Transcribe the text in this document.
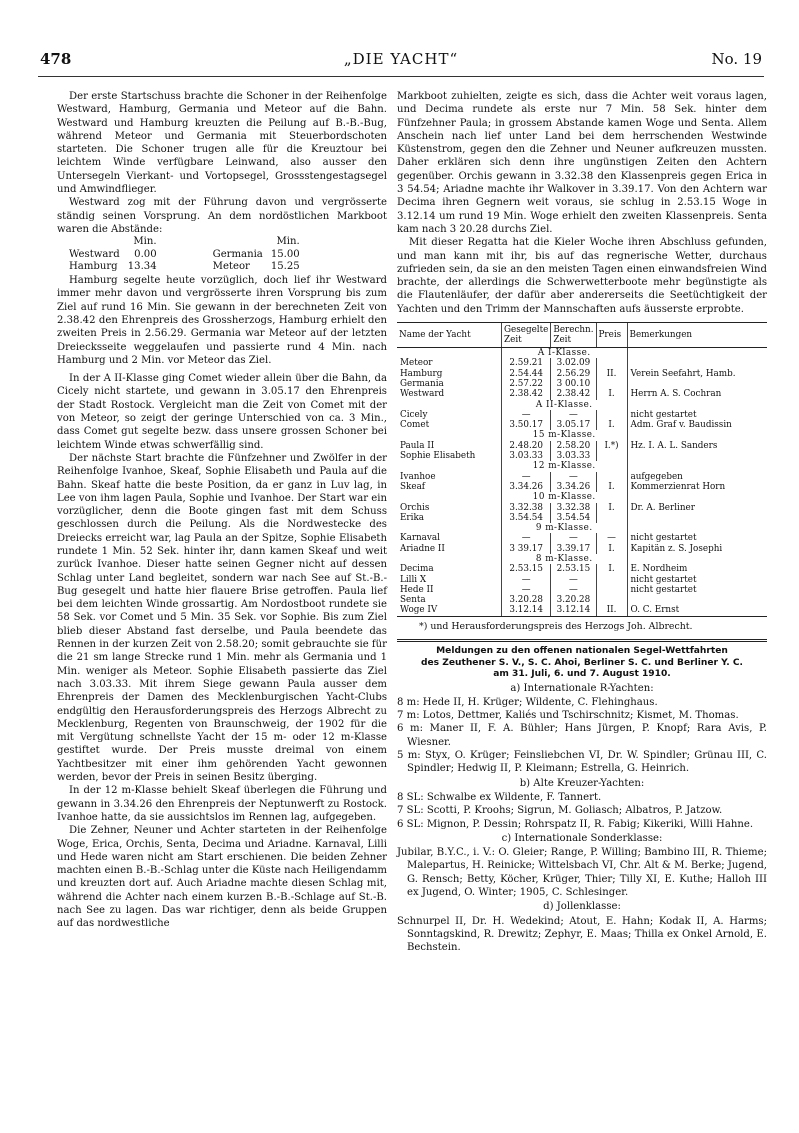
478	„DIE YACHT“	No. 19

Der erste Startschuss brachte die Schoner in der Reihenfolge Westward, Hamburg, Germania und Meteor auf die Bahn. Westward und Hamburg kreuzten die Peilung auf B.-B.-Bug, während Meteor und Germania mit Steuerbordschoten starteten. Die Schoner trugen alle für die Kreuztour bei leichtem Winde verfügbare Leinwand, also ausser den Untersegeln Vierkant- und Vortopsegel, Grossstengestagsegel und Amwindflieger.

Westward zog mit der Führung davon und vergrösserte ständig seinen Vorsprung. An dem nordöstlichen Markboot waren die Abstände:

	Min.			Min.
Westward	0.00		Germania	15.00
Hamburg	13.34		Meteor	15.25

Hamburg segelte heute vorzüglich, doch lief ihr Westward immer mehr davon und vergrösserte ihren Vorsprung bis zum Ziel auf rund 16 Min. Sie gewann in der berechneten Zeit von 2.38.42 den Ehrenpreis des Grossherzogs, Hamburg erhielt den zweiten Preis in 2.56.29. Germania war Meteor auf der letzten Dreiecksseite weggelaufen und passierte rund 4 Min. nach Hamburg und 2 Min. vor Meteor das Ziel.

In der A II-Klasse ging Comet wieder allein über die Bahn, da Cicely nicht startete, und gewann in 3.05.17 den Ehrenpreis der Stadt Rostock. Vergleicht man die Zeit von Comet mit der von Meteor, so zeigt der geringe Unterschied von ca. 3 Min., dass Comet gut segelte bezw. dass unsere grossen Schoner bei leichtem Winde etwas schwerfällig sind.

Der nächste Start brachte die Fünfzehner und Zwölfer in der Reihenfolge Ivanhoe, Skeaf, Sophie Elisabeth und Paula auf die Bahn. Skeaf hatte die beste Position, da er ganz in Luv lag, in Lee von ihm lagen Paula, Sophie und Ivanhoe. Der Start war ein vorzüglicher, denn die Boote gingen fast mit dem Schuss geschlossen durch die Peilung. Als die Nordwestecke des Dreiecks erreicht war, lag Paula an der Spitze, Sophie Elisabeth rundete 1 Min. 52 Sek. hinter ihr, dann kamen Skeaf und weit zurück Ivanhoe. Dieser hatte seinen Gegner nicht auf dessen Schlag unter Land begleitet, sondern war nach See auf St.-B.-Bug gesegelt und hatte hier flauere Brise getroffen. Paula lief bei dem leichten Winde grossartig. Am Nordostboot rundete sie 58 Sek. vor Comet und 5 Min. 35 Sek. vor Sophie. Bis zum Ziel blieb dieser Abstand fast derselbe, und Paula beendete das Rennen in der kurzen Zeit von 2.58.20; somit gebrauchte sie für die 21 sm lange Strecke rund 1 Min. mehr als Germania und 1 Min. weniger als Meteor. Sophie Elisabeth passierte das Ziel nach 3.03.33. Mit ihrem Siege gewann Paula ausser dem Ehrenpreis der Damen des Mecklenburgischen Yacht-Clubs endgültig den Herausforderungspreis des Herzogs Albrecht zu Mecklenburg, Regenten von Braunschweig, der 1902 für die mit Vergütung schnellste Yacht der 15 m- oder 12 m-Klasse gestiftet wurde. Der Preis musste dreimal von einem Yachtbesitzer mit einer ihm gehörenden Yacht gewonnen werden, bevor der Preis in seinen Besitz überging.

In der 12 m-Klasse behielt Skeaf überlegen die Führung und gewann in 3.34.26 den Ehrenpreis der Neptunwerft zu Rostock. Ivanhoe hatte, da sie aussichtslos im Rennen lag, aufgegeben.

Die Zehner, Neuner und Achter starteten in der Reihenfolge Woge, Erica, Orchis, Senta, Decima und Ariadne. Karnaval, Lilli und Hede waren nicht am Start erschienen. Die beiden Zehner machten einen B.-B.-Schlag unter die Küste nach Heiligendamm und kreuzten dort auf. Auch Ariadne machte diesen Schlag mit, während die Achter nach einem kurzen B.-B.-Schlage auf St.-B. nach See zu lagen. Das war richtiger, denn als beide Gruppen auf das nordwestliche

Markboot zuhielten, zeigte es sich, dass die Achter weit voraus lagen, und Decima rundete als erste nur 7 Min. 58 Sek. hinter dem Fünfzehner Paula; in grossem Abstande kamen Woge und Senta. Allem Anschein nach lief unter Land bei dem herrschenden Westwinde Küstenstrom, gegen den die Zehner und Neuner aufkreuzen mussten. Daher erklären sich denn ihre ungünstigen Zeiten den Achtern gegenüber. Orchis gewann in 3.32.38 den Klassenpreis gegen Erica in 3 54.54; Ariadne machte ihr Walkover in 3.39.17. Von den Achtern war Decima ihren Gegnern weit voraus, sie schlug in 2.53.15 Woge in 3.12.14 um rund 19 Min. Woge erhielt den zweiten Klassenpreis. Senta kam nach 3 20.28 durchs Ziel.

Mit dieser Regatta hat die Kieler Woche ihren Abschluss gefunden, und man kann mit ihr, bis auf das regnerische Wetter, durchaus zufrieden sein, da sie an den meisten Tagen einen einwandsfreien Wind brachte, der allerdings die Schwerwetterboote mehr begünstigte als die Flautenläufer, der dafür aber andererseits die Seetüchtigkeit der Yachten und den Trimm der Mannschaften aufs äusserste erprobte.

Name der Yacht	Gesegelte Zeit	Berechn. Zeit	Preis	Bemerkungen
	A I-Klasse.			
Meteor	2.59.21	3.02.09		
Hamburg	2.54.44	2.56.29	II.	Verein Seefahrt, Hamb.
Germania	2.57.22	3 00.10		
Westward	2.38.42	2.38.42	I.	Herrn A. S. Cochran
	A II-Klasse.			
Cicely	—	—		nicht gestartet
Comet	3.50.17	3.05.17	I.	Adm. Graf v. Baudissin
	15 m-Klasse.			
Paula II	2.48.20	2.58.20	I.*)	Hz. I. A. L. Sanders
Sophie Elisabeth	3.03.33	3.03.33		
	12 m-Klasse.			
Ivanhoe	—	—		aufgegeben
Skeaf	3.34.26	3.34.26	I.	Kommerzienrat Horn
	10 m-Klasse.			
Orchis	3.32.38	3.32.38	I.	Dr. A. Berliner
Erika	3.54.54	3.54.54		
	9 m-Klasse.			
Karnaval	—	—	—	nicht gestartet
Ariadne II	3 39.17	3.39.17	I.	Kapitän z. S. Josephi
	8 m-Klasse.			
Decima	2.53.15	2.53.15	I.	E. Nordheim
Lilli X	—	—		nicht gestartet
Hede II	—	—		nicht gestartet
Senta	3.20.28	3.20.28		
Woge IV	3.12.14	3.12.14	II.	O. C. Ernst
*) und Herausforderungspreis des Herzogs Joh. Albrecht.
Meldungen zu den offenen nationalen Segel-Wettfahrten
des Zeuthener S. V., S. C. Ahoi, Berliner S. C. und Berliner Y. C.
am 31. Juli, 6. und 7. August 1910.
a) Internationale R-Yachten:

8 m: Hede II, H. Krüger; Wildente, C. Flehinghaus.

7 m: Lotos, Dettmer, Kaliés und Tschirschnitz; Kismet, M. Thomas.

6 m: Maner II, F. A. Bühler; Hans Jürgen, P. Knopf; Rara Avis, P. Wiesner.

5 m: Styx, O. Krüger; Feinsliebchen VI, Dr. W. Spindler; Grünau III, C. Spindler; Hedwig II, P. Kleimann; Estrella, G. Heinrich.

b) Alte Kreuzer-Yachten:

8 SL: Schwalbe ex Wildente, F. Tannert.

7 SL: Scotti, P. Kroohs; Sigrun, M. Goliasch; Albatros, P. Jatzow.

6 SL: Mignon, P. Dessin; Rohrspatz II, R. Fabig; Kikeriki, Willi Hahne.

c) Internationale Sonderklasse:

Jubilar, B.Y.C., i. V.: O. Gleier; Range, P. Willing; Bambino III, R. Thieme; Malepartus, H. Reinicke; Wittelsbach VI, Chr. Alt & M. Berke; Jugend, G. Rensch; Betty, Köcher, Krüger, Thier; Tilly XI, E. Kuthe; Halloh III ex Jugend, O. Winter; 1905, C. Schlesinger.

d) Jollenklasse:

Schnurpel II, Dr. H. Wedekind; Atout, E. Hahn; Kodak II, A. Harms; Sonntagskind, R. Drewitz; Zephyr, E. Maas; Thilla ex Onkel Arnold, E. Bechstein.
